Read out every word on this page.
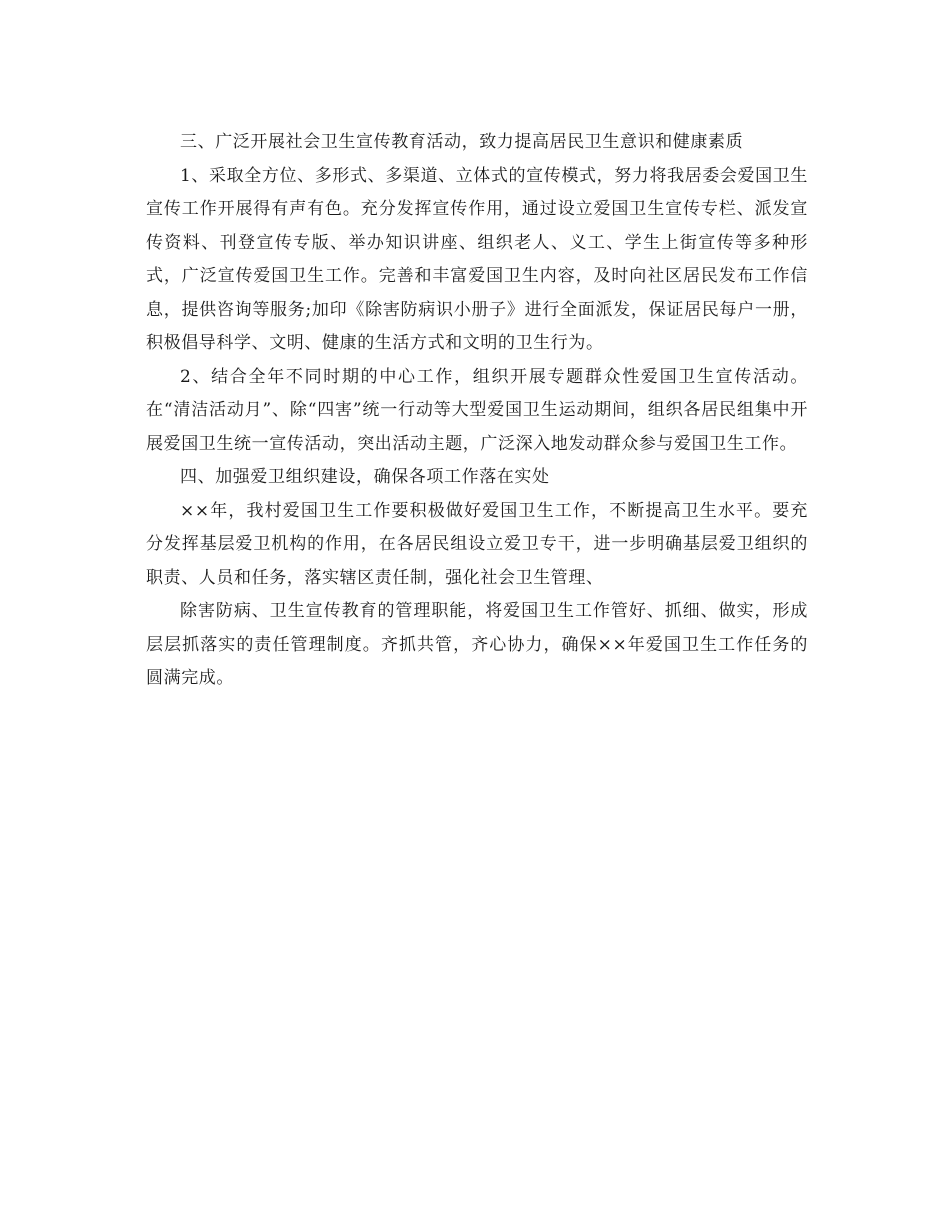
三、广泛开展社会卫生宣传教育活动，致力提高居民卫生意识和健康素质

1、采取全方位、多形式、多渠道、立体式的宣传模式，努力将我居委会爱国卫生宣传工作开展得有声有色。充分发挥宣传作用，通过设立爱国卫生宣传专栏、派发宣传资料、刊登宣传专版、举办知识讲座、组织老人、义工、学生上街宣传等多种形式，广泛宣传爱国卫生工作。完善和丰富爱国卫生内容，及时向社区居民发布工作信息，提供咨询等服务;加印《除害防病识小册子》进行全面派发，保证居民每户一册，积极倡导科学、文明、健康的生活方式和文明的卫生行为。

2、结合全年不同时期的中心工作，组织开展专题群众性爱国卫生宣传活动。在“清洁活动月”、除“四害”统一行动等大型爱国卫生运动期间，组织各居民组集中开展爱国卫生统一宣传活动，突出活动主题，广泛深入地发动群众参与爱国卫生工作。

四、加强爱卫组织建设，确保各项工作落在实处

××年，我村爱国卫生工作要积极做好爱国卫生工作，不断提高卫生水平。要充分发挥基层爱卫机构的作用，在各居民组设立爱卫专干，进一步明确基层爱卫组织的职责、人员和任务，落实辖区责任制，强化社会卫生管理、

除害防病、卫生宣传教育的管理职能，将爱国卫生工作管好、抓细、做实，形成层层抓落实的责任管理制度。齐抓共管，齐心协力，确保××年爱国卫生工作任务的圆满完成。
